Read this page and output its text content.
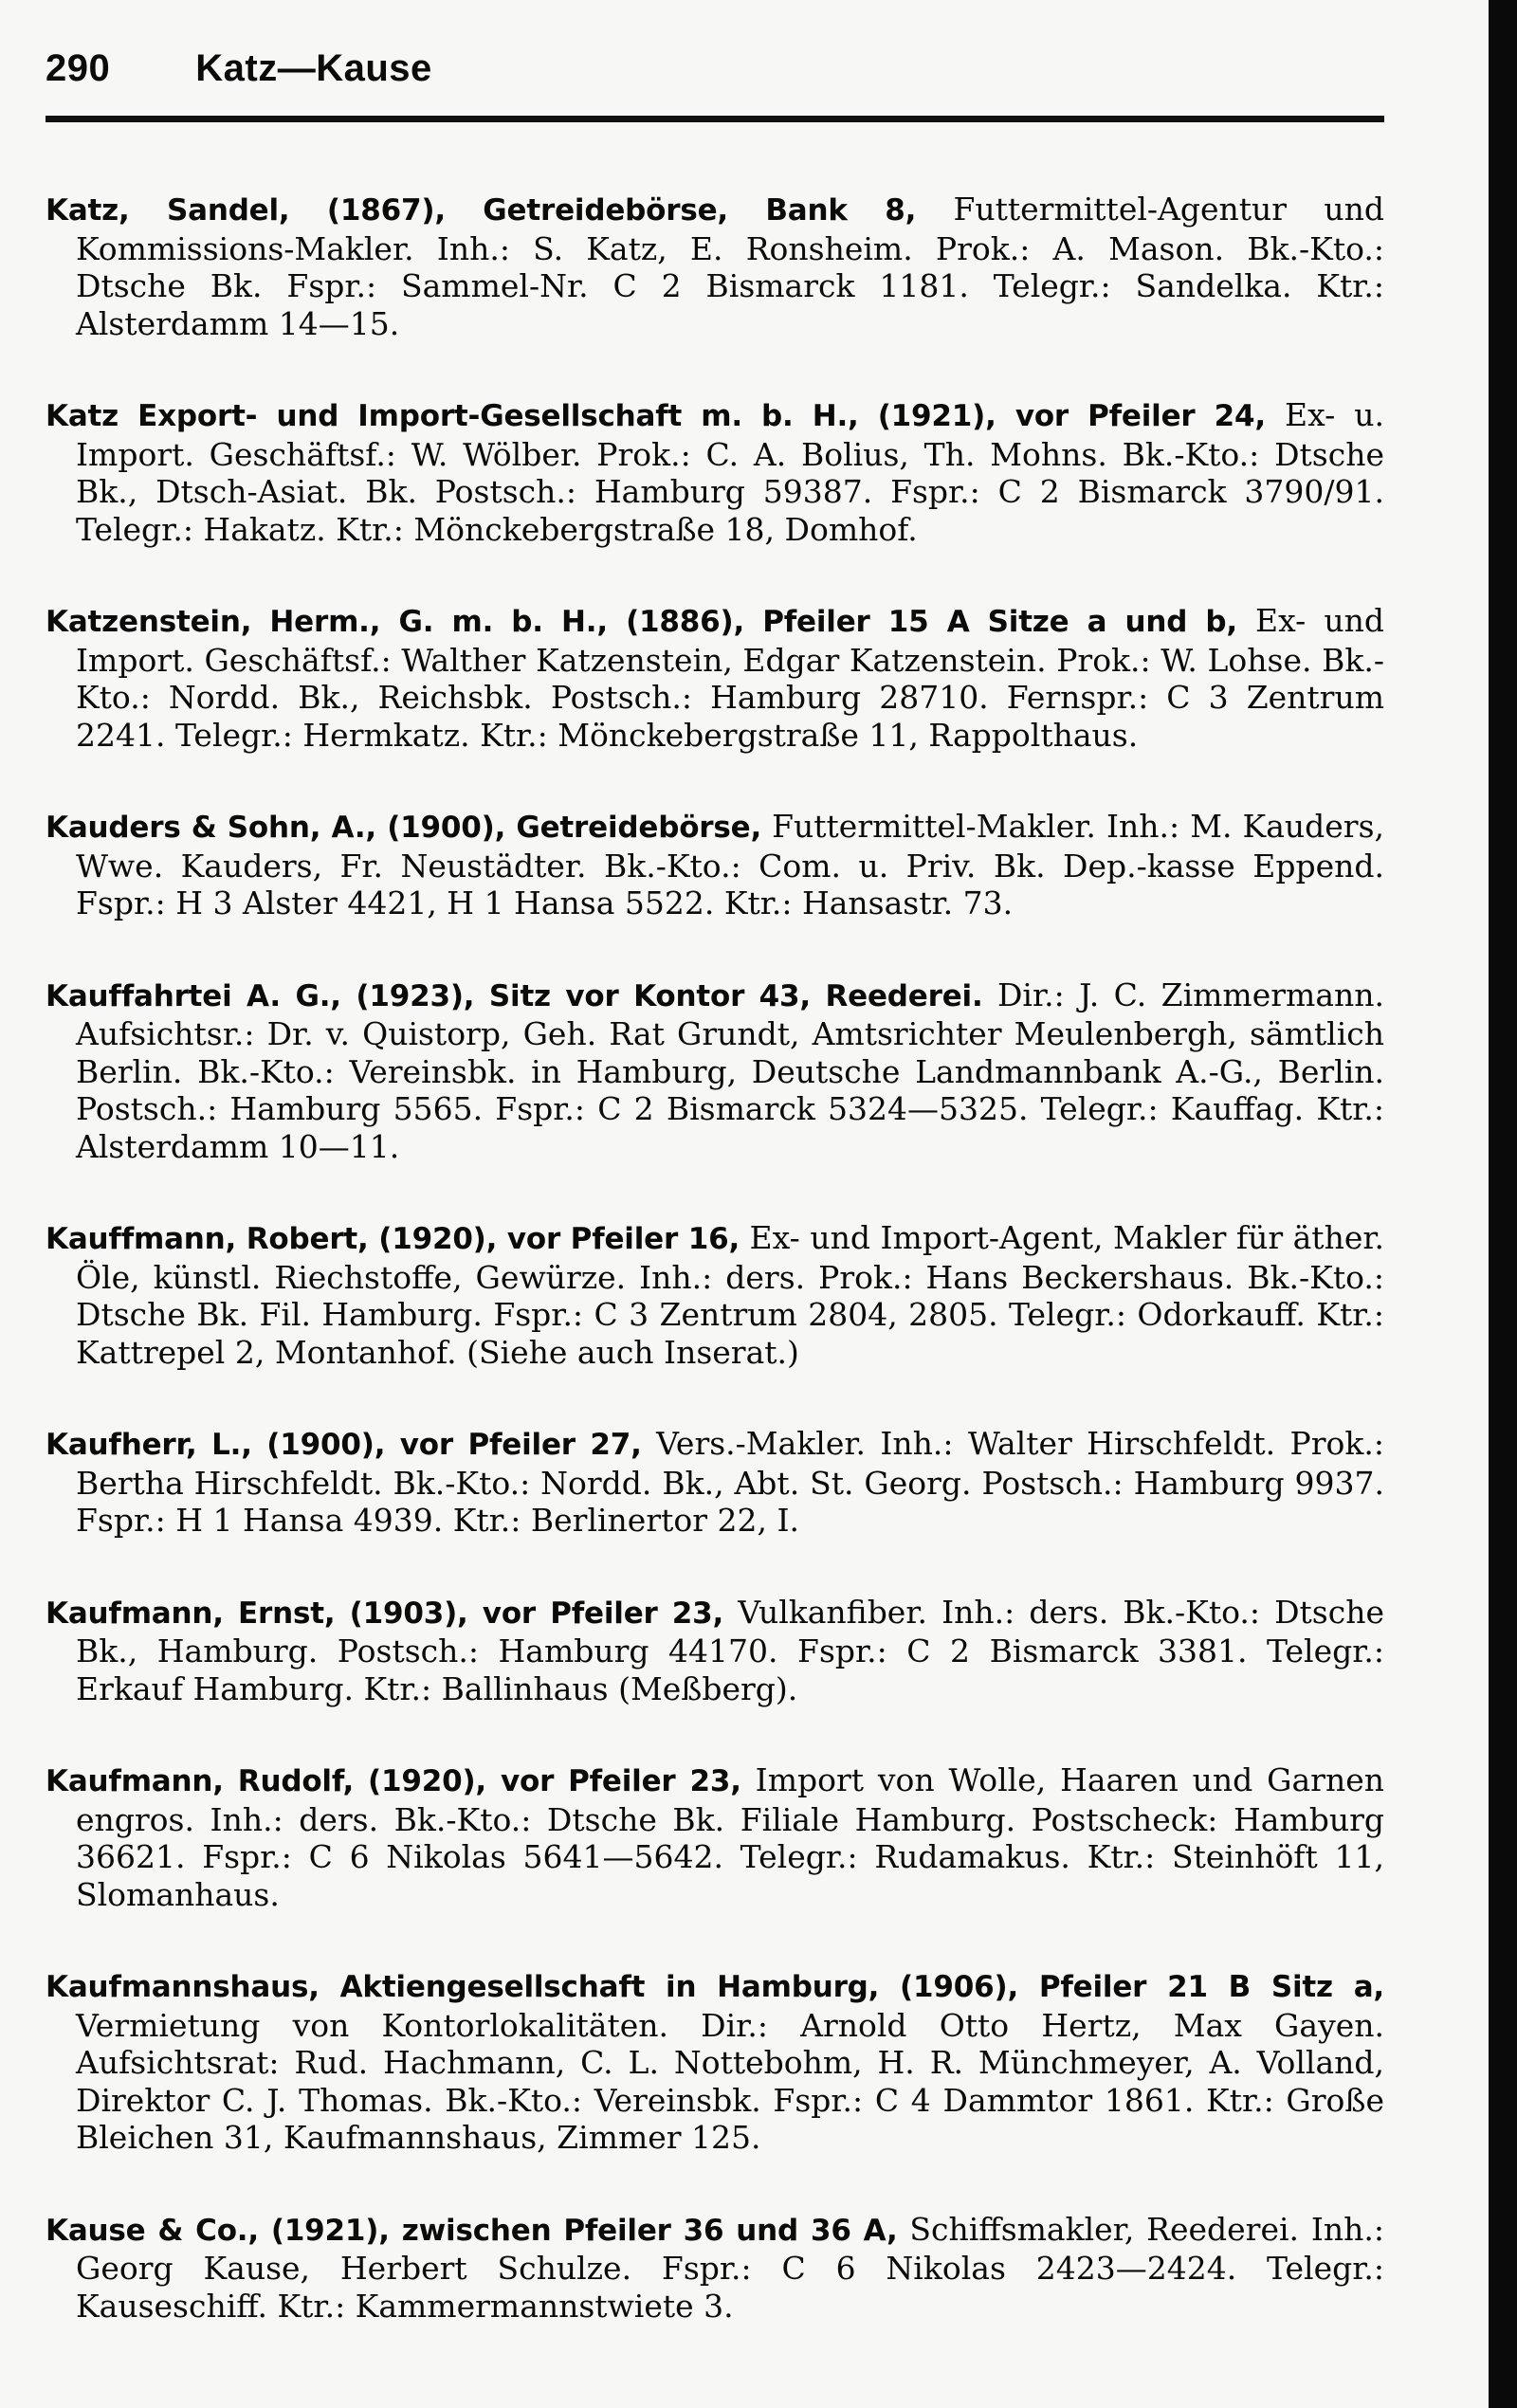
290 Katz—Kause

Katz, Sandel, (1867), Getreidebörse, Bank 8, Futtermittel-Agentur und Kommissions-Makler. Inh.: S. Katz, E. Ronsheim. Prok.: A. Mason. Bk.-Kto.: Dtsche Bk. Fspr.: Sammel-Nr. C 2 Bismarck 1181. Telegr.: Sandelka. Ktr.: Alsterdamm 14—15.

Katz Export- und Import-Gesellschaft m. b. H., (1921), vor Pfeiler 24, Ex- u. Import. Geschäftsf.: W. Wölber. Prok.: C. A. Bolius, Th. Mohns. Bk.-Kto.: Dtsche Bk., Dtsch-Asiat. Bk. Postsch.: Hamburg 59387. Fspr.: C 2 Bismarck 3790/91. Telegr.: Hakatz. Ktr.: Mönckebergstraße 18, Domhof.

Katzenstein, Herm., G. m. b. H., (1886), Pfeiler 15 A Sitze a und b, Ex- und Import. Geschäftsf.: Walther Katzenstein, Edgar Katzenstein. Prok.: W. Lohse. Bk.-Kto.: Nordd. Bk., Reichsbk. Postsch.: Hamburg 28710. Fernspr.: C 3 Zentrum 2241. Telegr.: Hermkatz. Ktr.: Mönckebergstraße 11, Rappolthaus.

Kauders & Sohn, A., (1900), Getreidebörse, Futtermittel-Makler. Inh.: M. Kauders, Wwe. Kauders, Fr. Neustädter. Bk.-Kto.: Com. u. Priv. Bk. Dep.-kasse Eppend. Fspr.: H 3 Alster 4421, H 1 Hansa 5522. Ktr.: Hansastr. 73.

Kauffahrtei A. G., (1923), Sitz vor Kontor 43, Reederei. Dir.: J. C. Zimmermann. Aufsichtsr.: Dr. v. Quistorp, Geh. Rat Grundt, Amtsrichter Meulenbergh, sämtlich Berlin. Bk.-Kto.: Vereinsbk. in Hamburg, Deutsche Landmannbank A.-G., Berlin. Postsch.: Hamburg 5565. Fspr.: C 2 Bismarck 5324—5325. Telegr.: Kauffag. Ktr.: Alsterdamm 10—11.

Kauffmann, Robert, (1920), vor Pfeiler 16, Ex- und Import-Agent, Makler für äther. Öle, künstl. Riechstoffe, Gewürze. Inh.: ders. Prok.: Hans Beckershaus. Bk.-Kto.: Dtsche Bk. Fil. Hamburg. Fspr.: C 3 Zentrum 2804, 2805. Telegr.: Odorkauff. Ktr.: Kattrepel 2, Montanhof. (Siehe auch Inserat.)

Kaufherr, L., (1900), vor Pfeiler 27, Vers.-Makler. Inh.: Walter Hirschfeldt. Prok.: Bertha Hirschfeldt. Bk.-Kto.: Nordd. Bk., Abt. St. Georg. Postsch.: Hamburg 9937. Fspr.: H 1 Hansa 4939. Ktr.: Berlinertor 22, I.

Kaufmann, Ernst, (1903), vor Pfeiler 23, Vulkanfiber. Inh.: ders. Bk.-Kto.: Dtsche Bk., Hamburg. Postsch.: Hamburg 44170. Fspr.: C 2 Bismarck 3381. Telegr.: Erkauf Hamburg. Ktr.: Ballinhaus (Meßberg).

Kaufmann, Rudolf, (1920), vor Pfeiler 23, Import von Wolle, Haaren und Garnen engros. Inh.: ders. Bk.-Kto.: Dtsche Bk. Filiale Hamburg. Postscheck: Hamburg 36621. Fspr.: C 6 Nikolas 5641—5642. Telegr.: Rudamakus. Ktr.: Steinhöft 11, Slomanhaus.

Kaufmannshaus, Aktiengesellschaft in Hamburg, (1906), Pfeiler 21 B Sitz a, Vermietung von Kontorlokalitäten. Dir.: Arnold Otto Hertz, Max Gayen. Aufsichtsrat: Rud. Hachmann, C. L. Nottebohm, H. R. Münchmeyer, A. Volland, Direktor C. J. Thomas. Bk.-Kto.: Vereinsbk. Fspr.: C 4 Dammtor 1861. Ktr.: Große Bleichen 31, Kaufmannshaus, Zimmer 125.

Kause & Co., (1921), zwischen Pfeiler 36 und 36 A, Schiffsmakler, Reederei. Inh.: Georg Kause, Herbert Schulze. Fspr.: C 6 Nikolas 2423—2424. Telegr.: Kauseschiff. Ktr.: Kammermannstwiete 3.
